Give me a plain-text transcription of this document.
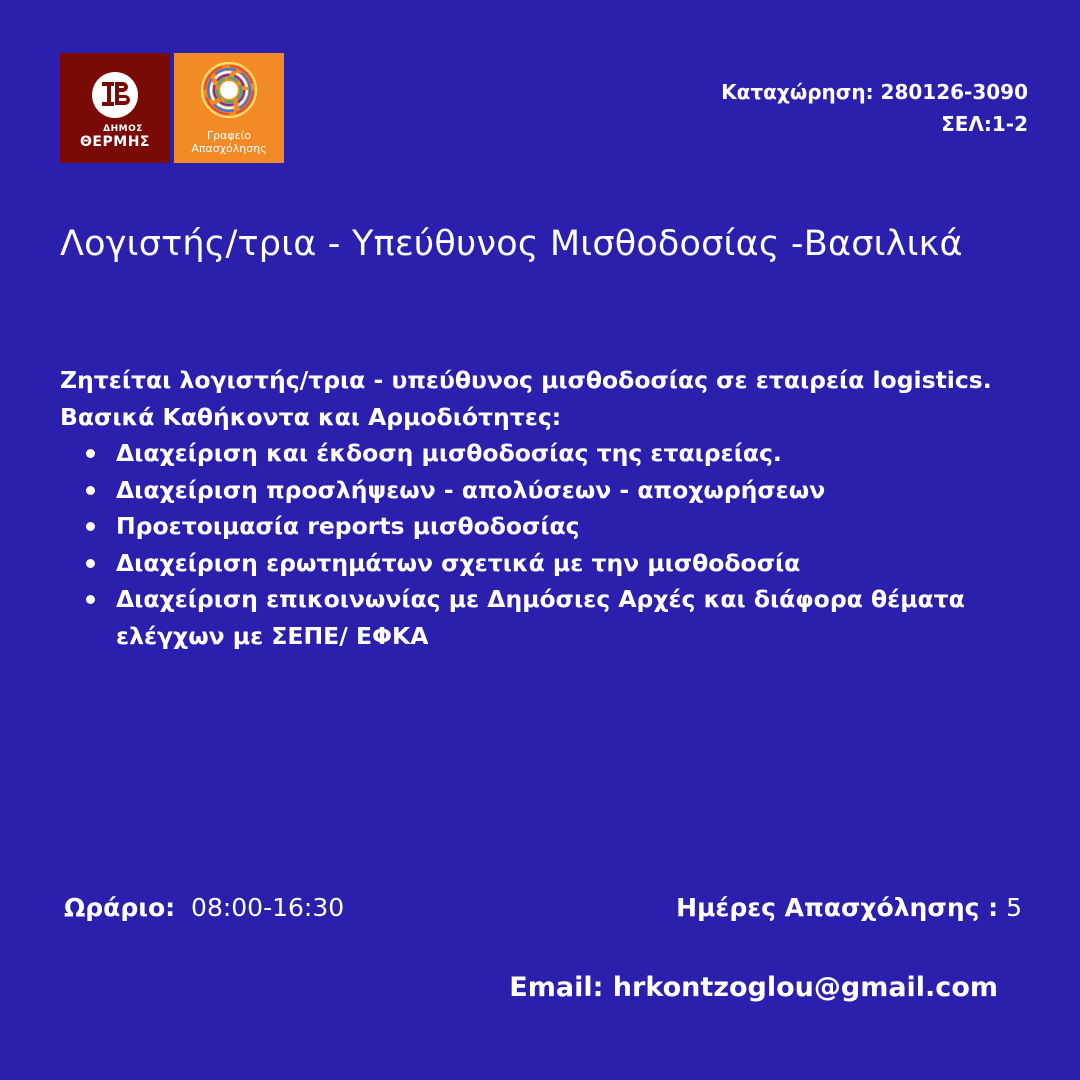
ΔΗΜΟΣ
ΘΕΡΜΗΣ	Γραφείο
Απασχόλησης
Καταχώρηση: 280126-3090
ΣΕΛ:1-2
Λογιστής/τρια - Υπεύθυνος Μισθοδοσίας -Βασιλικά

Ζητείται λογιστής/τρια - υπεύθυνος μισθοδοσίας σε εταιρεία logistics.

Βασικά Καθήκοντα και Αρμοδιότητες:

Διαχείριση και έκδοση μισθοδοσίας της εταιρείας.
Διαχείριση προσλήψεων - απολύσεων - αποχωρήσεων
Προετοιμασία reports μισθοδοσίας
Διαχείριση ερωτημάτων σχετικά με την μισθοδοσία
Διαχείριση επικοινωνίας με Δημόσιες Αρχές και διάφορα θέματα ελέγχων με ΣΕΠΕ/ ΕΦΚΑ
Ωράριο: 08:00-16:30	Ημέρες Απασχόλησης : 5
Email: hrkontzoglou@gmail.com
